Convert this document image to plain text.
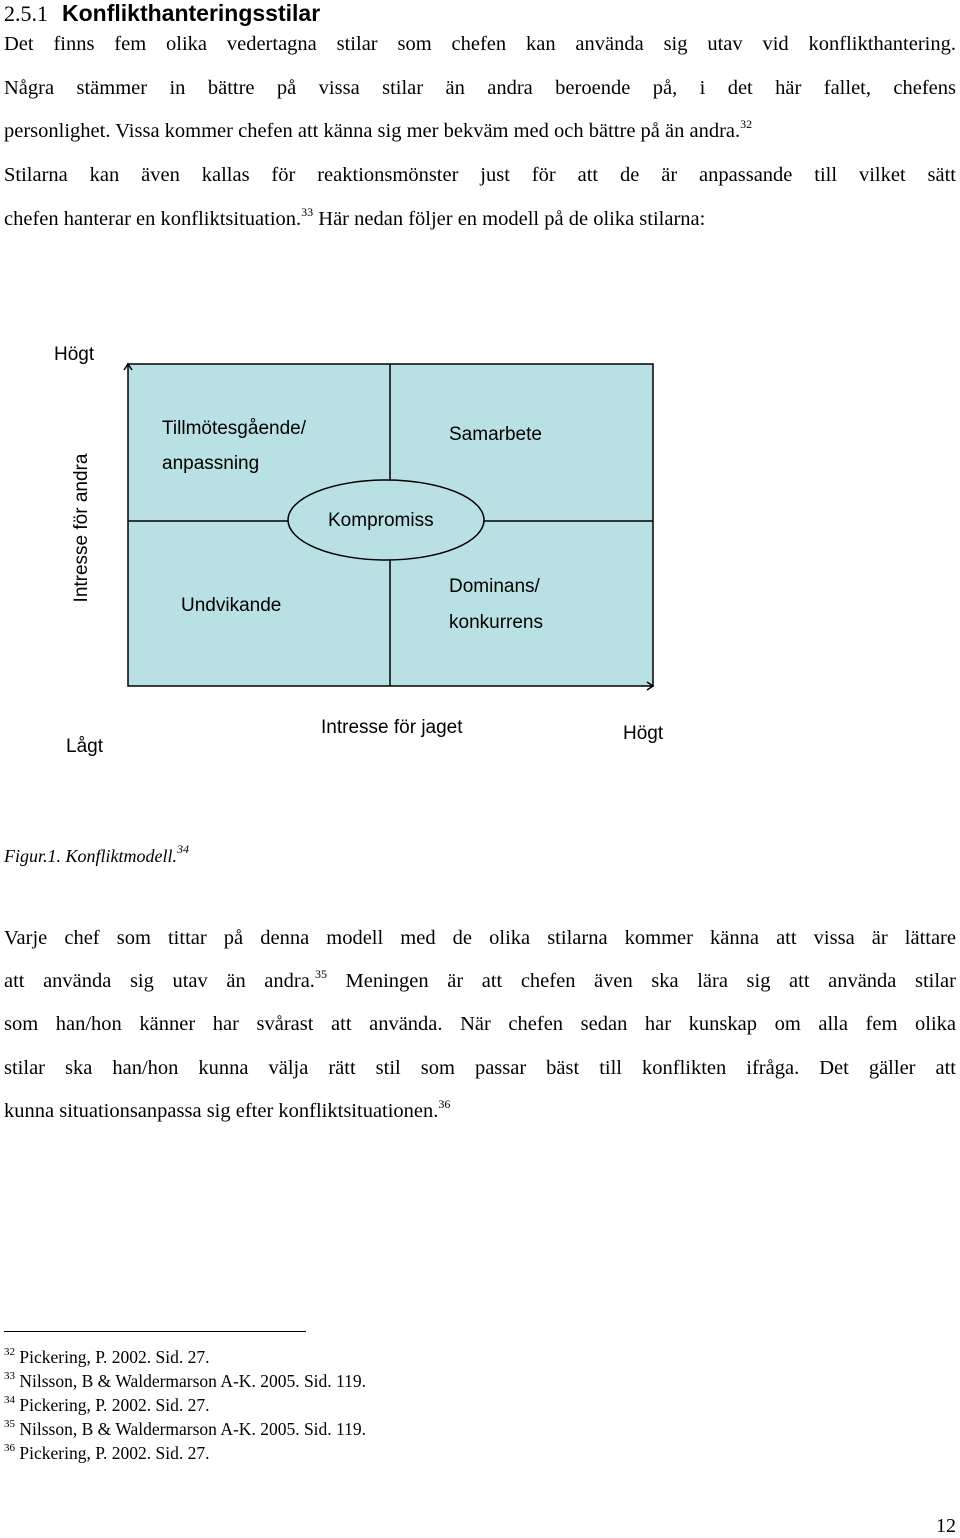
2.5.1 Konflikthanteringsstilar
Det finns fem olika vedertagna stilar som chefen kan använda sig utav vid konflikthantering.
Några stämmer in bättre på vissa stilar än andra beroende på, i det här fallet, chefens
personlighet. Vissa kommer chefen att känna sig mer bekväm med och bättre på än andra.$^{32}$
Stilarna kan även kallas för reaktionsmönster just för att de är anpassande till vilket sätt
chefen hanterar en konfliktsituation.$^{33}$ Här nedan följer en modell på de olika stilarna:
Högt
Intresse för andra
Tillmötesgående/
anpassning
Samarbete
Kompromiss
Undvikande
Dominans/
konkurrens
Lågt
Intresse för jaget	Högt
Figur.1. Konfliktmodell.$^{34}$
Varje chef som tittar på denna modell med de olika stilarna kommer känna att vissa är lättare
att använda sig utav än andra.$^{35}$ Meningen är att chefen även ska lära sig att använda stilar
som han/hon känner har svårast att använda. När chefen sedan har kunskap om alla fem olika
stilar ska han/hon kunna välja rätt stil som passar bäst till konflikten ifråga. Det gäller att
kunna situationsanpassa sig efter konfliktsituationen.$^{36}$
$^{32}$ Pickering, P. 2002. Sid. 27.
$^{33}$ Nilsson, B & Waldermarson A-K. 2005. Sid. 119.
$^{34}$ Pickering, P. 2002. Sid. 27.
$^{35}$ Nilsson, B & Waldermarson A-K. 2005. Sid. 119.
$^{36}$ Pickering, P. 2002. Sid. 27.
12
